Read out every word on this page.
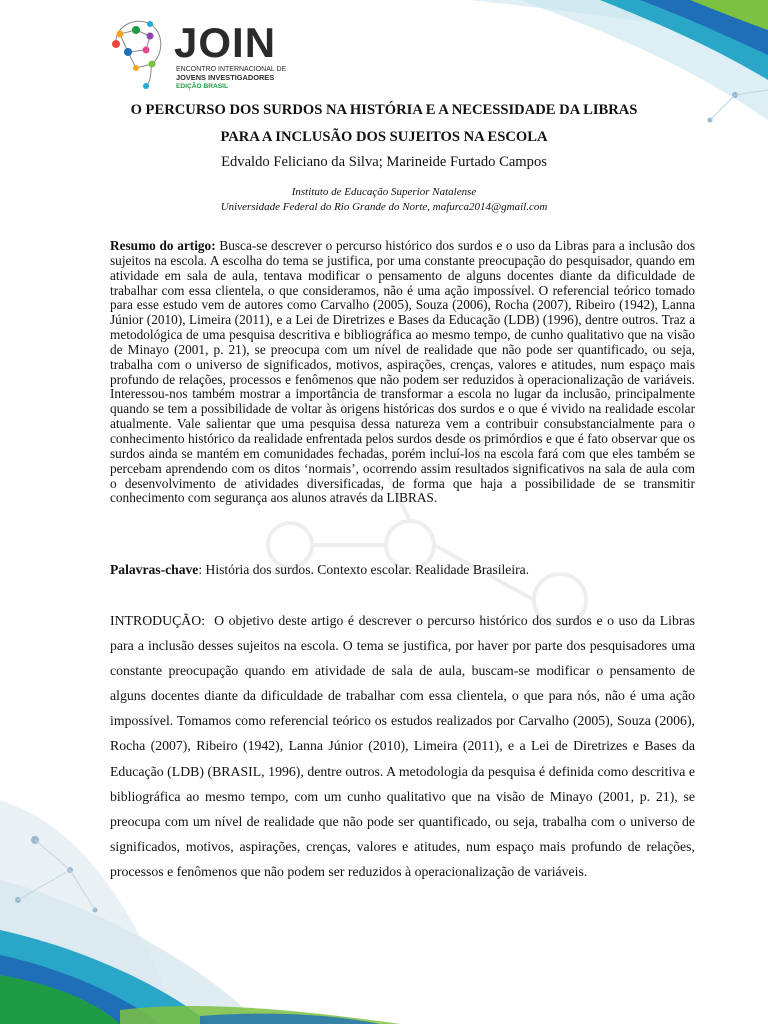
JOIN
ENCONTRO INTERNACIONAL DE
JOVENS INVESTIGADORES
EDIÇÃO BRASIL
O PERCURSO DOS SURDOS NA HISTÓRIA E A NECESSIDADE DA LIBRAS
PARA A INCLUSÃO DOS SUJEITOS NA ESCOLA
Edvaldo Feliciano da Silva; Marineide Furtado Campos
Instituto de Educação Superior Natalense
Universidade Federal do Rio Grande do Norte, mafurca2014@gmail.com

Resumo do artigo: Busca-se descrever o percurso histórico dos surdos e o uso da Libras para a inclusão dos sujeitos na escola. A escolha do tema se justifica, por uma constante preocupação do pesquisador, quando em atividade em sala de aula, tentava modificar o pensamento de alguns docentes diante da dificuldade de trabalhar com essa clientela, o que consideramos, não é uma ação impossível. O referencial teórico tomado para esse estudo vem de autores como Carvalho (2005), Souza (2006), Rocha (2007), Ribeiro (1942), Lanna Júnior (2010), Limeira (2011), e a Lei de Diretrizes e Bases da Educação (LDB) (1996), dentre outros. Traz a metodológica de uma pesquisa descritiva e bibliográfica ao mesmo tempo, de cunho qualitativo que na visão de Minayo (2001, p. 21), se preocupa com um nível de realidade que não pode ser quantificado, ou seja, trabalha com o universo de significados, motivos, aspirações, crenças, valores e atitudes, num espaço mais profundo de relações, processos e fenômenos que não podem ser reduzidos à operacionalização de variáveis. Interessou-nos também mostrar a importância de transformar a escola no lugar da inclusão, principalmente quando se tem a possibilidade de voltar às origens históricas dos surdos e o que é vivido na realidade escolar atualmente. Vale salientar que uma pesquisa dessa natureza vem a contribuir consubstancialmente para o conhecimento histórico da realidade enfrentada pelos surdos desde os primórdios e que é fato observar que os surdos ainda se mantém em comunidades fechadas, porém incluí-los na escola fará com que eles também se percebam aprendendo com os ditos ‘normais’, ocorrendo assim resultados significativos na sala de aula com o desenvolvimento de atividades diversificadas, de forma que haja a possibilidade de se transmitir conhecimento com segurança aos alunos através da LIBRAS.

Palavras-chave: História dos surdos. Contexto escolar. Realidade Brasileira.

INTRODUÇÃO: O objetivo deste artigo é descrever o percurso histórico dos surdos e o uso da Libras para a inclusão desses sujeitos na escola. O tema se justifica, por haver por parte dos pesquisadores uma constante preocupação quando em atividade de sala de aula, buscam-se modificar o pensamento de alguns docentes diante da dificuldade de trabalhar com essa clientela, o que para nós, não é uma ação impossível. Tomamos como referencial teórico os estudos realizados por Carvalho (2005), Souza (2006), Rocha (2007), Ribeiro (1942), Lanna Júnior (2010), Limeira (2011), e a Lei de Diretrizes e Bases da Educação (LDB) (BRASIL, 1996), dentre outros. A metodologia da pesquisa é definida como descritiva e bibliográfica ao mesmo tempo, com um cunho qualitativo que na visão de Minayo (2001, p. 21), se preocupa com um nível de realidade que não pode ser quantificado, ou seja, trabalha com o universo de significados, motivos, aspirações, crenças, valores e atitudes, num espaço mais profundo de relações, processos e fenômenos que não podem ser reduzidos à operacionalização de variáveis.
